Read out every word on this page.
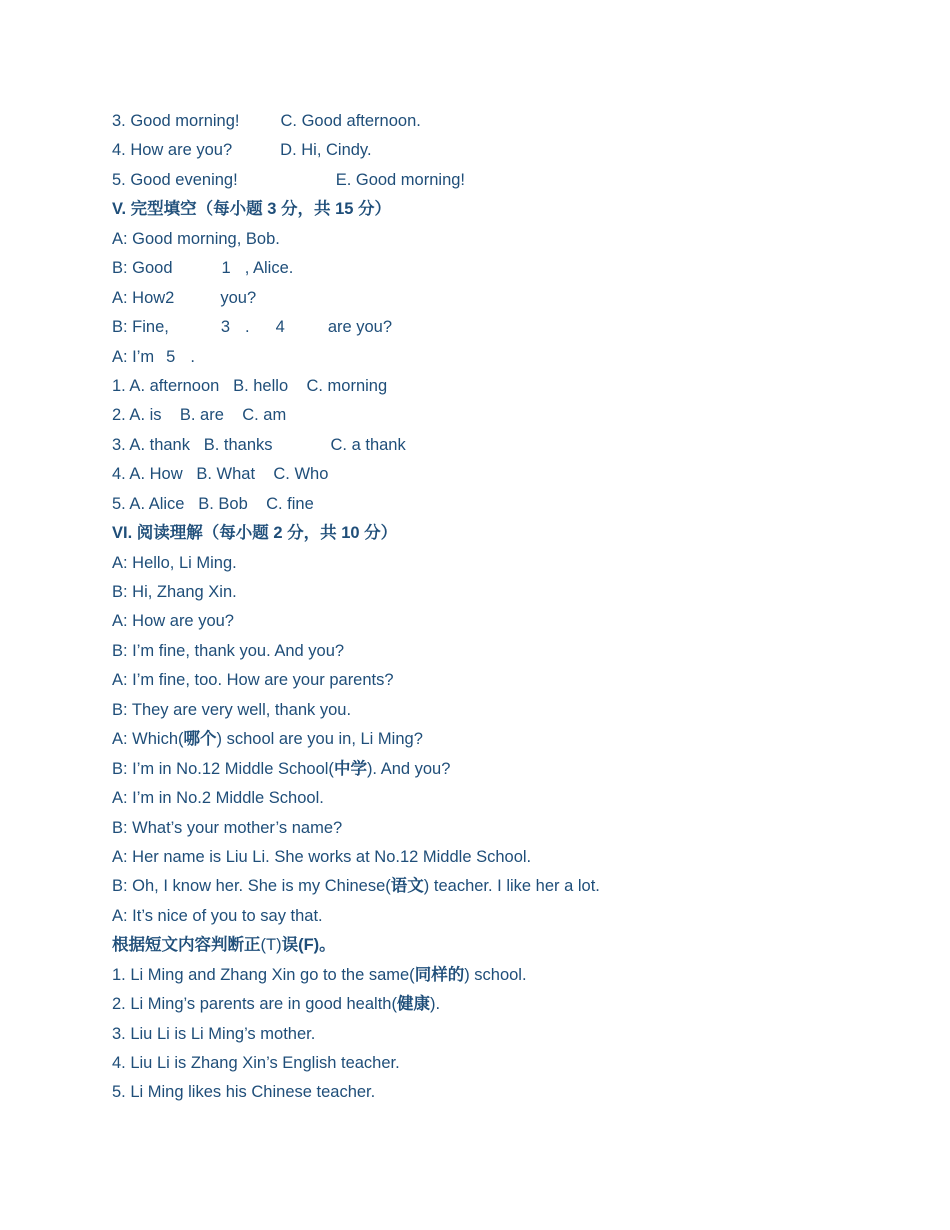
3. Good morning! C. Good afternoon.
4. How are you?	D. Hi, Cindy.
5. Good evening!	E. Good morning!
V. 完型填空（每小题 3 分，共 15 分）
A: Good morning, Bob.
B: Good	1 , Alice.
A: How2	you?
B: Fine,	3 . 4	are you?
A: I’m 5 .
1. A. afternoon   B. hello    C. morning
2. A. is    B. are    C. am
3. A. thank   B. thanks	C. a thank
4. A. How   B. What    C. Who
5. A. Alice   B. Bob    C. fine
VI. 阅读理解（每小题 2 分，共 10 分）
A: Hello, Li Ming.
B: Hi, Zhang Xin.
A: How are you?
B: I’m fine, thank you. And you?
A: I’m fine, too. How are your parents?
B: They are very well, thank you.
A: Which(哪个) school are you in, Li Ming?
B: I’m in No.12 Middle School(中学). And you?
A: I’m in No.2 Middle School.
B: What’s your mother’s name?
A: Her name is Liu Li. She works at No.12 Middle School.
B: Oh, I know her. She is my Chinese(语文) teacher. I like her a lot.
A: It’s nice of you to say that.
根据短文内容判断正(T)误(F)。
1. Li Ming and Zhang Xin go to the same(同样的) school.
2. Li Ming’s parents are in good health(健康).
3. Liu Li is Li Ming’s mother.
4. Liu Li is Zhang Xin’s English teacher.
5. Li Ming likes his Chinese teacher.
